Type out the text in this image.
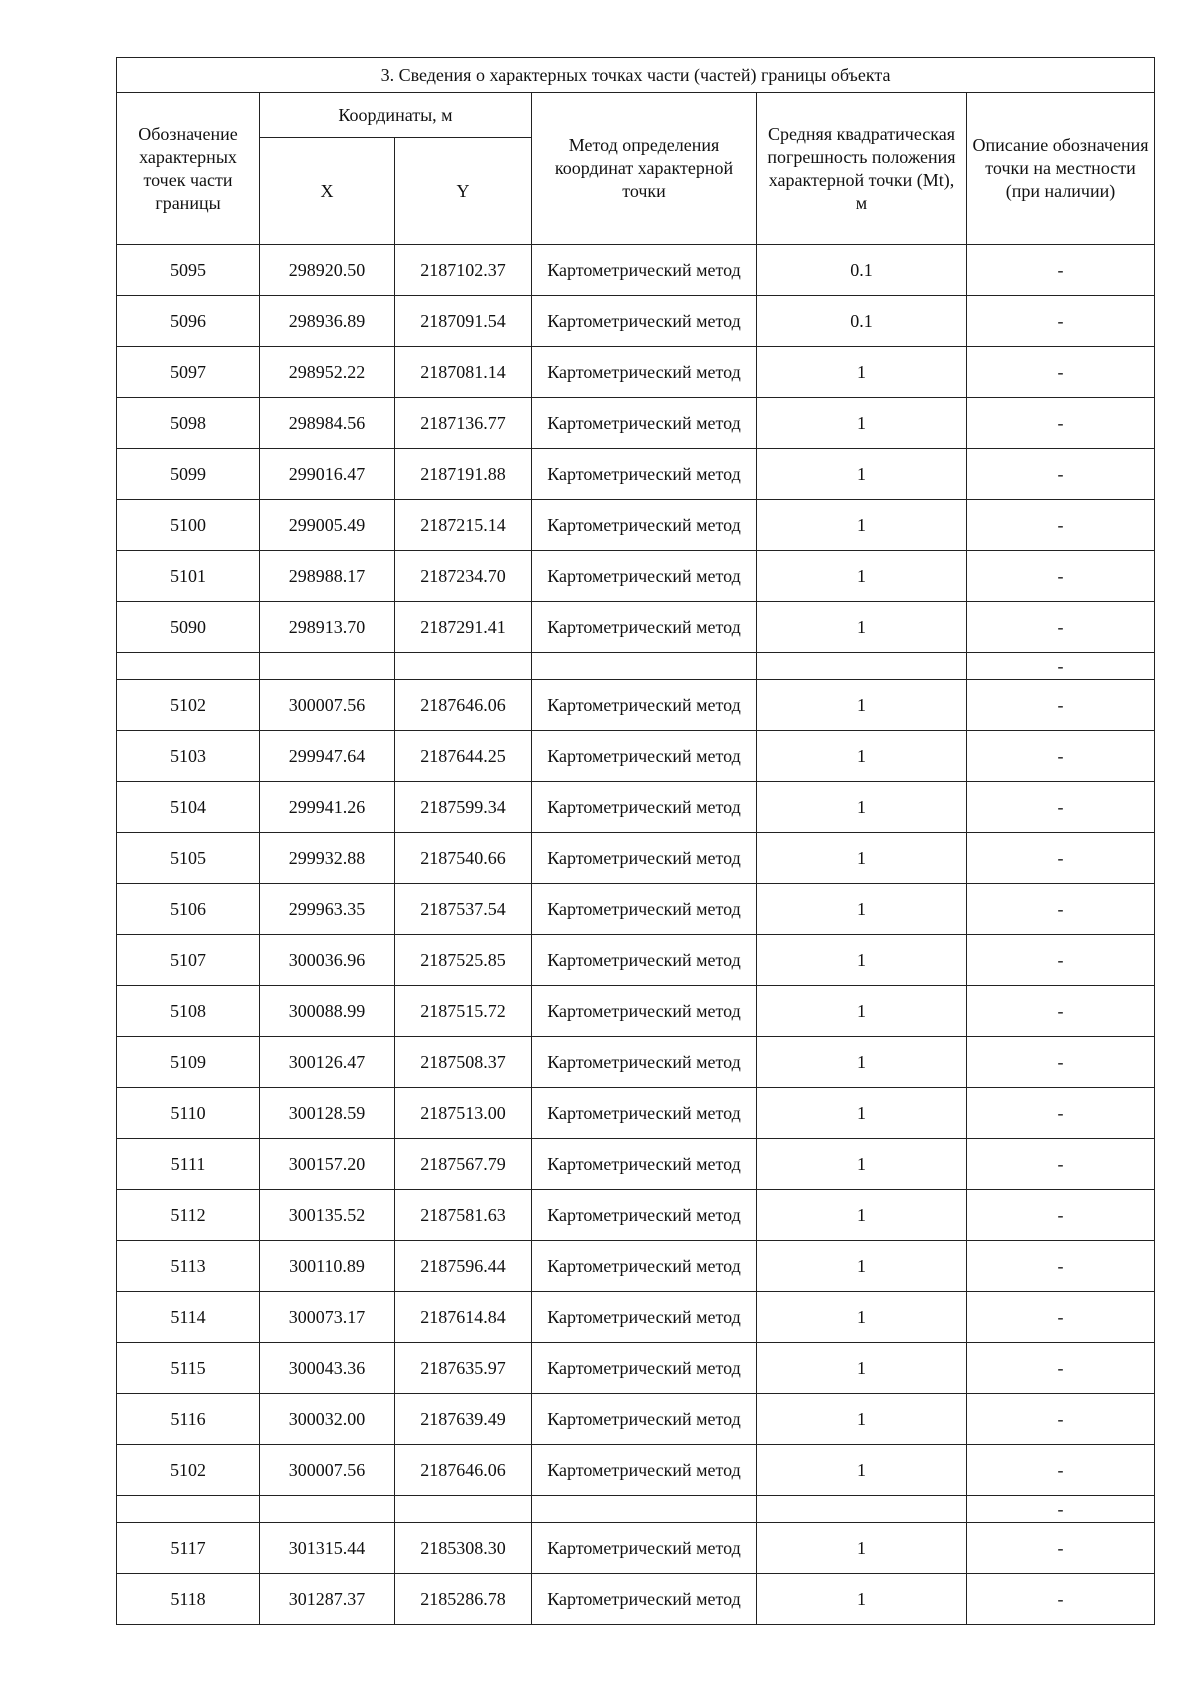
3. Сведения о характерных точках части (частей) границы объекта					
Обозначение характерных точек части границы	Координаты, м		Метод определения координат характерной точки	Средняя квадратическая погрешность положения характерной точки (Mt), м	Описание обозначения точки на местности (при наличии)
	X	Y			
5095	298920.50	2187102.37	Картометрический метод	0.1	-
5096	298936.89	2187091.54	Картометрический метод	0.1	-
5097	298952.22	2187081.14	Картометрический метод	1	-
5098	298984.56	2187136.77	Картометрический метод	1	-
5099	299016.47	2187191.88	Картометрический метод	1	-
5100	299005.49	2187215.14	Картометрический метод	1	-
5101	298988.17	2187234.70	Картометрический метод	1	-
5090	298913.70	2187291.41	Картометрический метод	1	-
					-
5102	300007.56	2187646.06	Картометрический метод	1	-
5103	299947.64	2187644.25	Картометрический метод	1	-
5104	299941.26	2187599.34	Картометрический метод	1	-
5105	299932.88	2187540.66	Картометрический метод	1	-
5106	299963.35	2187537.54	Картометрический метод	1	-
5107	300036.96	2187525.85	Картометрический метод	1	-
5108	300088.99	2187515.72	Картометрический метод	1	-
5109	300126.47	2187508.37	Картометрический метод	1	-
5110	300128.59	2187513.00	Картометрический метод	1	-
5111	300157.20	2187567.79	Картометрический метод	1	-
5112	300135.52	2187581.63	Картометрический метод	1	-
5113	300110.89	2187596.44	Картометрический метод	1	-
5114	300073.17	2187614.84	Картометрический метод	1	-
5115	300043.36	2187635.97	Картометрический метод	1	-
5116	300032.00	2187639.49	Картометрический метод	1	-
5102	300007.56	2187646.06	Картометрический метод	1	-
					-
5117	301315.44	2185308.30	Картометрический метод	1	-
5118	301287.37	2185286.78	Картометрический метод	1	-
